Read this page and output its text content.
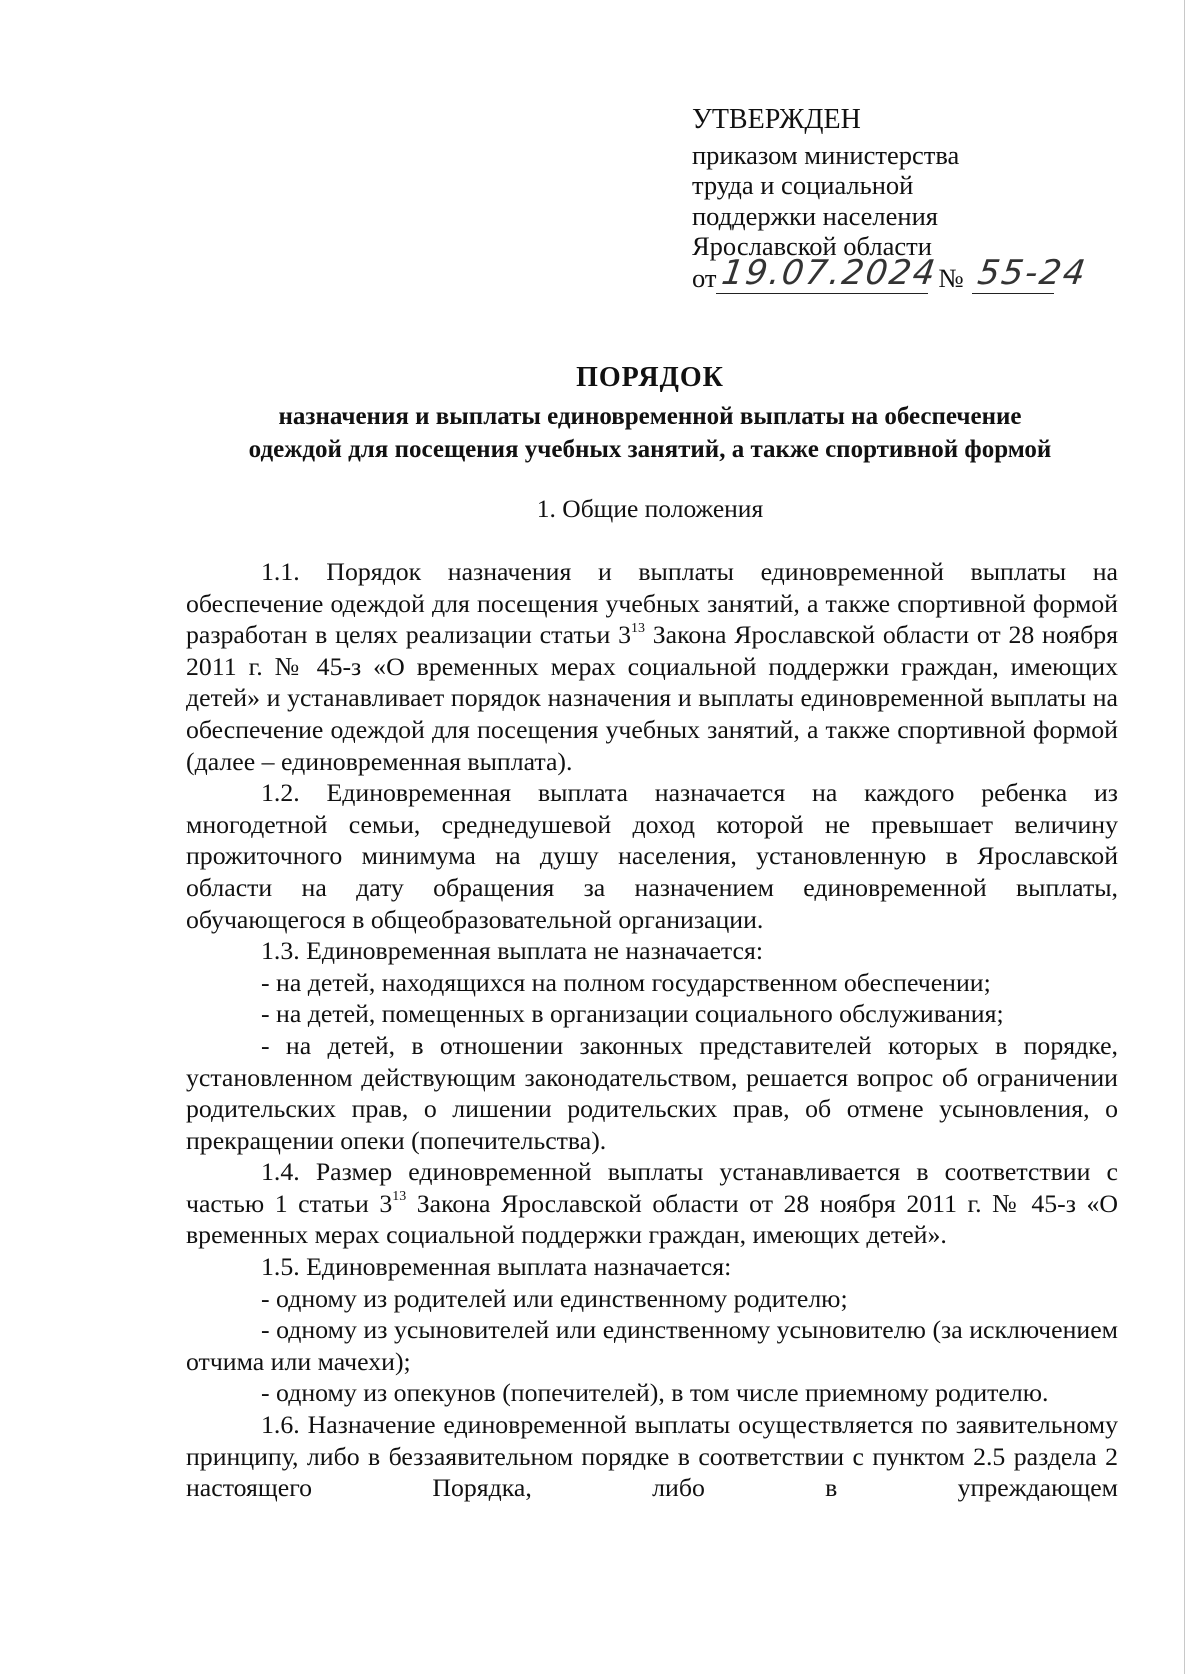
УТВЕРЖДЕН
приказом министерства
труда и социальной
поддержки населения
Ярославской области
от 19.07.2024
№ 55-24
ПОРЯДОК
назначения и выплаты единовременной выплаты на обеспечение
одеждой для посещения учебных занятий, а также спортивной формой
1. Общие положения

1.1. Порядок назначения и выплаты единовременной выплаты на обеспечение одеждой для посещения учебных занятий, а также спортивной формой разработан в целях реализации статьи $3^{13}$ Закона Ярославской области от 28 ноября 2011 г. № 45-з «О временных мерах социальной поддержки граждан, имеющих детей» и устанавливает порядок назначения и выплаты единовременной выплаты на обеспечение одеждой для посещения учебных занятий, а также спортивной формой (далее – единовременная выплата).

1.2. Единовременная выплата назначается на каждого ребенка из многодетной семьи, среднедушевой доход которой не превышает величину прожиточного минимума на душу населения, установленную в Ярославской области на дату обращения за назначением единовременной выплаты, обучающегося в общеобразовательной организации.

1.3. Единовременная выплата не назначается:

- на детей, находящихся на полном государственном обеспечении;

- на детей, помещенных в организации социального обслуживания;

- на детей, в отношении законных представителей которых в порядке, установленном действующим законодательством, решается вопрос об ограничении родительских прав, о лишении родительских прав, об отмене усыновления, о прекращении опеки (попечительства).

1.4. Размер единовременной выплаты устанавливается в соответствии с частью 1 статьи $3^{13}$ Закона Ярославской области от 28 ноября 2011 г. № 45-з «О временных мерах социальной поддержки граждан, имеющих детей».

1.5. Единовременная выплата назначается:

- одному из родителей или единственному родителю;

- одному из усыновителей или единственному усыновителю (за исключением отчима или мачехи);

- одному из опекунов (попечителей), в том числе приемному родителю.

1.6. Назначение единовременной выплаты осуществляется по заявительному принципу, либо в беззаявительном порядке в соответствии с пунктом 2.5 раздела 2 настоящего Порядка, либо в упреждающем
